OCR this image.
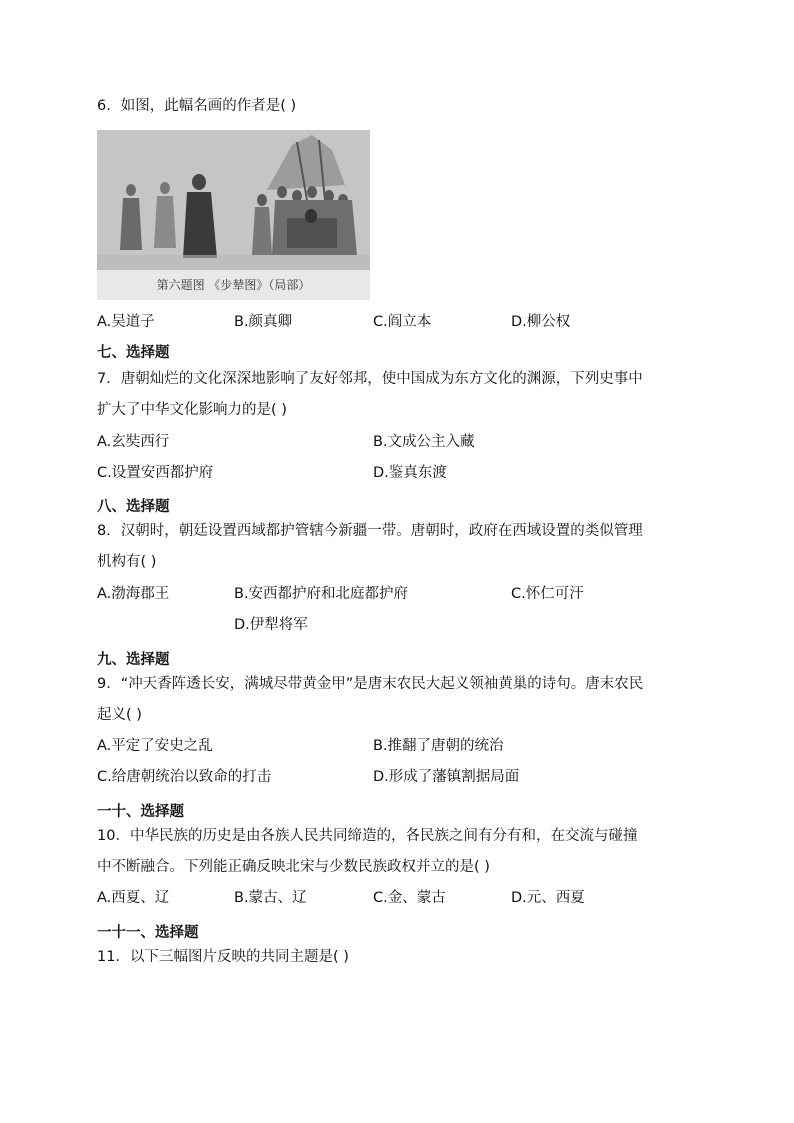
6．如图，此幅名画的作者是( )
第六题图 《步辇图》（局部）
A.吴道子	B.颜真卿	C.阎立本	D.柳公权
七、选择题
7．唐朝灿烂的文化深深地影响了友好邻邦，使中国成为东方文化的渊源，下列史事中
扩大了中华文化影响力的是( )
A.玄奘西行	B.文成公主入藏
C.设置安西都护府	D.鉴真东渡
八、选择题
8．汉朝时，朝廷设置西域都护管辖今新疆一带。唐朝时，政府在西域设置的类似管理
机构有( )
A.渤海郡王	B.安西都护府和北庭都护府	C.怀仁可汗
D.伊犁将军
九、选择题
9．“冲天香阵透长安，满城尽带黄金甲”是唐末农民大起义领袖黄巢的诗句。唐末农民
起义( )
A.平定了安史之乱	B.推翻了唐朝的统治
C.给唐朝统治以致命的打击	D.形成了藩镇割据局面
一十、选择题
10．中华民族的历史是由各族人民共同缔造的，各民族之间有分有和，在交流与碰撞
中不断融合。下列能正确反映北宋与少数民族政权并立的是( )
A.西夏、辽	B.蒙古、辽	C.金、蒙古	D.元、西夏
一十一、选择题
11．以下三幅图片反映的共同主题是( )
